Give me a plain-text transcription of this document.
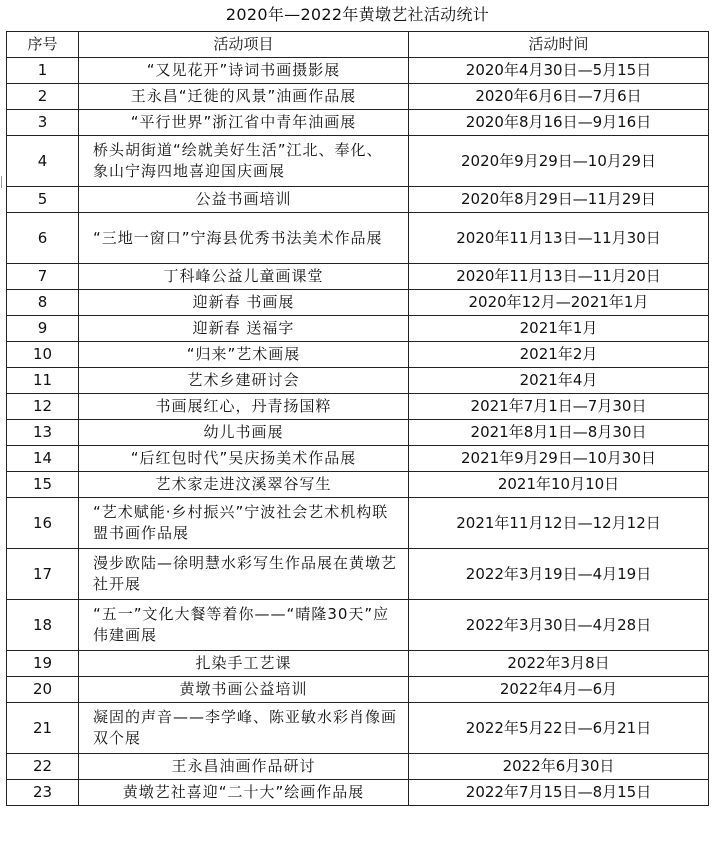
2020年—2022年黄墩艺社活动统计
序号	活动项目	活动时间
1	“又见花开”诗词书画摄影展	2020年4月30日—5月15日
2	王永昌“迁徙的风景”油画作品展	2020年6月6日—7月6日
3	“平行世界”浙江省中青年油画展	2020年8月16日—9月16日
4	桥头胡街道“绘就美好生活”江北、奉化、象山宁海四地喜迎国庆画展	2020年9月29日—10月29日
5	公益书画培训	2020年8月29日—11月29日
6	“三地一窗口”宁海县优秀书法美术作品展	2020年11月13日—11月30日
7	丁科峰公益儿童画课堂	2020年11月13日—11月20日
8	迎新春 书画展	2020年12月—2021年1月
9	迎新春 送福字	2021年1月
10	“归来”艺术画展	2021年2月
11	艺术乡建研讨会	2021年4月
12	书画展红心，丹青扬国粹	2021年7月1日—7月30日
13	幼儿书画展	2021年8月1日—8月30日
14	“后红包时代”吴庆扬美术作品展	2021年9月29日—10月30日
15	艺术家走进汶溪翠谷写生	2021年10月10日
16	“艺术赋能·乡村振兴”宁波社会艺术机构联盟书画作品展	2021年11月12日—12月12日
17	漫步欧陆—徐明慧水彩写生作品展在黄墩艺社开展	2022年3月19日—4月19日
18	“五一”文化大餐等着你——“晴隆30天”应伟建画展	2022年3月30日—4月28日
19	扎染手工艺课	2022年3月8日
20	黄墩书画公益培训	2022年4月—6月
21	凝固的声音——李学峰、陈亚敏水彩肖像画双个展	2022年5月22日—6月21日
22	王永昌油画作品研讨	2022年6月30日
23	黄墩艺社喜迎“二十大”绘画作品展	2022年7月15日—8月15日
